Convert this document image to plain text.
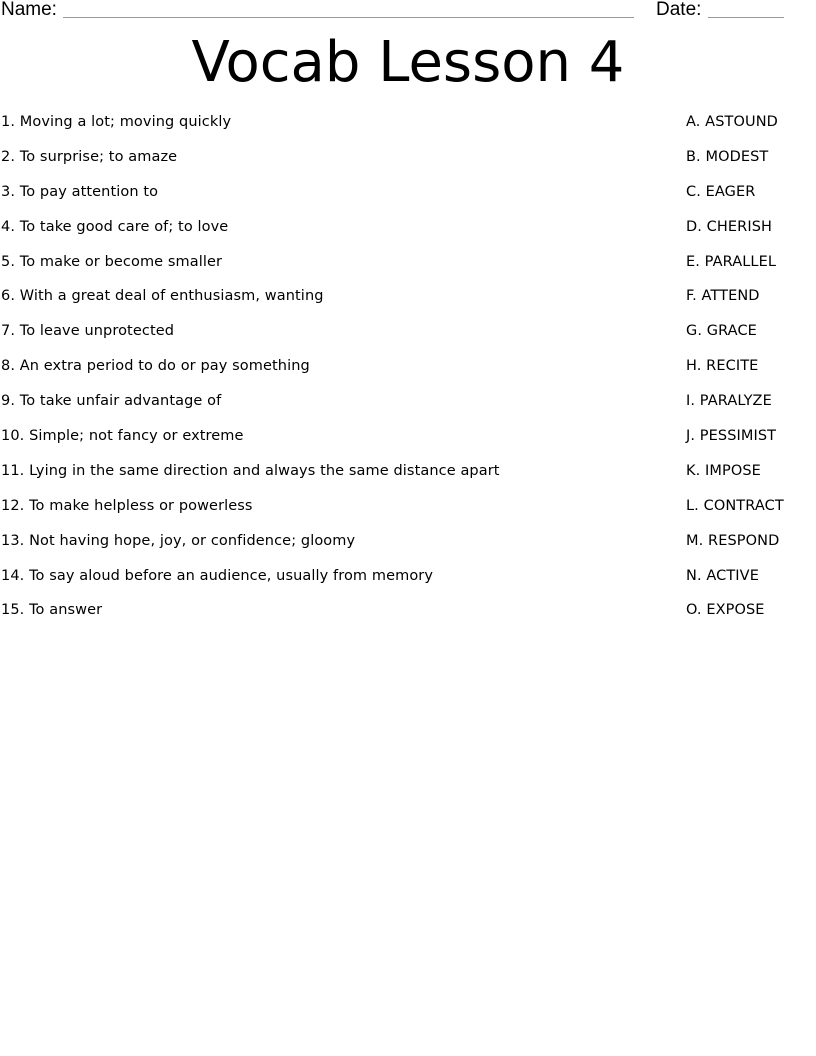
Name:	Date:
Vocab Lesson 4
1. Moving a lot; moving quickly
2. To surprise; to amaze
3. To pay attention to
4. To take good care of; to love
5. To make or become smaller
6. With a great deal of enthusiasm, wanting
7. To leave unprotected
8. An extra period to do or pay something
9. To take unfair advantage of
10. Simple; not fancy or extreme
11. Lying in the same direction and always the same distance apart
12. To make helpless or powerless
13. Not having hope, joy, or confidence; gloomy
14. To say aloud before an audience, usually from memory
15. To answer
A. ASTOUND
B. MODEST
C. EAGER
D. CHERISH
E. PARALLEL
F. ATTEND
G. GRACE
H. RECITE
I. PARALYZE
J. PESSIMIST
K. IMPOSE
L. CONTRACT
M. RESPOND
N. ACTIVE
O. EXPOSE
